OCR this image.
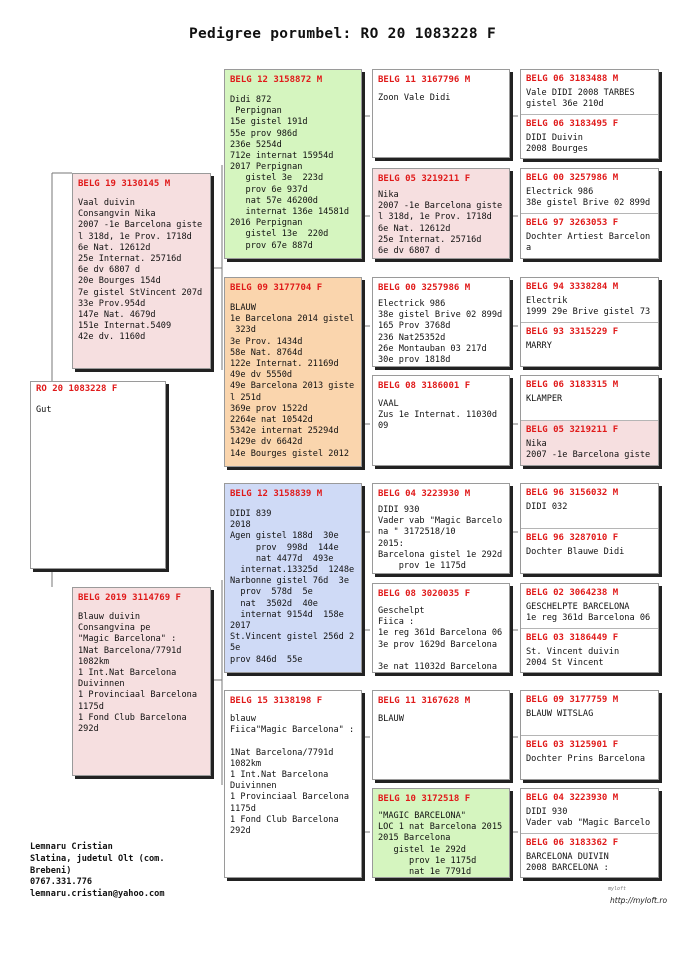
Pedigree porumbel: RO 20 1083228 F
RO 20 1083228 F
Gut
BELG 19 3130145 M
Vaal duivin
Consangvin Nika
2007 -1e Barcelona giste
l 318d, 1e Prov. 1718d
6e Nat. 12612d
25e Internat. 25716d
6e dv 6807 d
20e Bourges 154d
7e gistel StVincent 207d
33e Prov.954d
147e Nat. 4679d
151e Internat.5409
42e dv. 1160d
BELG 2019 3114769 F
Blauw duivin
Consangvina pe
"Magic Barcelona" :
1Nat Barcelona/7791d
1082km
1 Int.Nat Barcelona
Duivinnen
1 Provinciaal Barcelona
1175d
1 Fond Club Barcelona
292d
BELG 12 3158872 M
Didi 872
Perpignan
15e gistel 191d
55e prov 986d
236e 5254d
712e internat 15954d
2017 Perpignan
gistel 3e  223d
prov 6e 937d
nat 57e 46200d
internat 136e 14581d
2016 Perpignan
gistel 13e  220d
prov 67e 887d
BELG 09 3177704 F
BLAUW
1e Barcelona 2014 gistel
323d
3e Prov. 1434d
58e Nat. 8764d
122e Internat. 21169d
49e dv 5550d
49e Barcelona 2013 giste
l 251d
369e prov 1522d
2264e nat 10542d
5342e internat 25294d
1429e dv 6642d
14e Bourges gistel 2012
BELG 12 3158839 M
DIDI 839
2018
Agen gistel 188d  30e
prov  998d  144e
nat 4477d  493e
internat.13325d  1248e
Narbonne gistel 76d  3e
prov  578d  5e
nat  3502d  40e
internat 9154d  158e
2017
St.Vincent gistel 256d 2
5e
prov 846d  55e
BELG 15 3138198 F
blauw
Fiica"Magic Barcelona" :

1Nat Barcelona/7791d
1082km
1 Int.Nat Barcelona
Duivinnen
1 Provinciaal Barcelona
1175d
1 Fond Club Barcelona
292d
BELG 11 3167796 M
Zoon Vale Didi
BELG 05 3219211 F
Nika
2007 -1e Barcelona giste
l 318d, 1e Prov. 1718d
6e Nat. 12612d
25e Internat. 25716d
6e dv 6807 d
BELG 00 3257986 M
Electrick 986
38e gistel Brive 02 899d
165 Prov 3768d
236 Nat25352d
26e Montauban 03 217d
30e prov 1818d
BELG 08 3186001 F
VAAL
Zus 1e Internat. 11030d
09
BELG 04 3223930 M
DIDI 930
Vader vab "Magic Barcelo
na " 3172518/10
2015:
Barcelona gistel 1e 292d
prov 1e 1175d
BELG 08 3020035 F
Geschelpt
Fiica :
1e reg 361d Barcelona 06
3e prov 1629d Barcelona

3e nat 11032d Barcelona
BELG 11 3167628 M
BLAUW
BELG 10 3172518 F
"MAGIC BARCELONA"
LOC 1 nat Barcelona 2015
2015 Barcelona
gistel 1e 292d
prov 1e 1175d
nat 1e 7791d
BELG 06 3183488 M
Vale DIDI 2008 TARBES
gistel 36e 210d
BELG 06 3183495 F
DIDI Duivin
2008 Bourges
BELG 00 3257986 M
Electrick 986
38e gistel Brive 02 899d
BELG 97 3263053 F
Dochter Artiest Barcelon
a
BELG 94 3338284 M
Electrik
1999 29e Brive gistel 73
BELG 93 3315229 F
MARRY
BELG 06 3183315 M
KLAMPER
BELG 05 3219211 F
Nika
2007 -1e Barcelona giste
BELG 96 3156032 M
DIDI 032
BELG 96 3287010 F
Dochter Blauwe Didi
BELG 02 3064238 M
GESCHELPTE BARCELONA
1e reg 361d Barcelona 06
BELG 03 3186449 F
St. Vincent duivin
2004 St Vincent
BELG 09 3177759 M
BLAUW WITSLAG
BELG 03 3125901 F
Dochter Prins Barcelona
BELG 04 3223930 M
DIDI 930
Vader vab "Magic Barcelo
BELG 06 3183362 F
BARCELONA DUIVIN
2008 BARCELONA :
Lemnaru Cristian
Slatina, judetul Olt (com.
Brebeni)
0767.331.776
lemnaru.cristian@yahoo.com
myloft
http://myloft.ro
